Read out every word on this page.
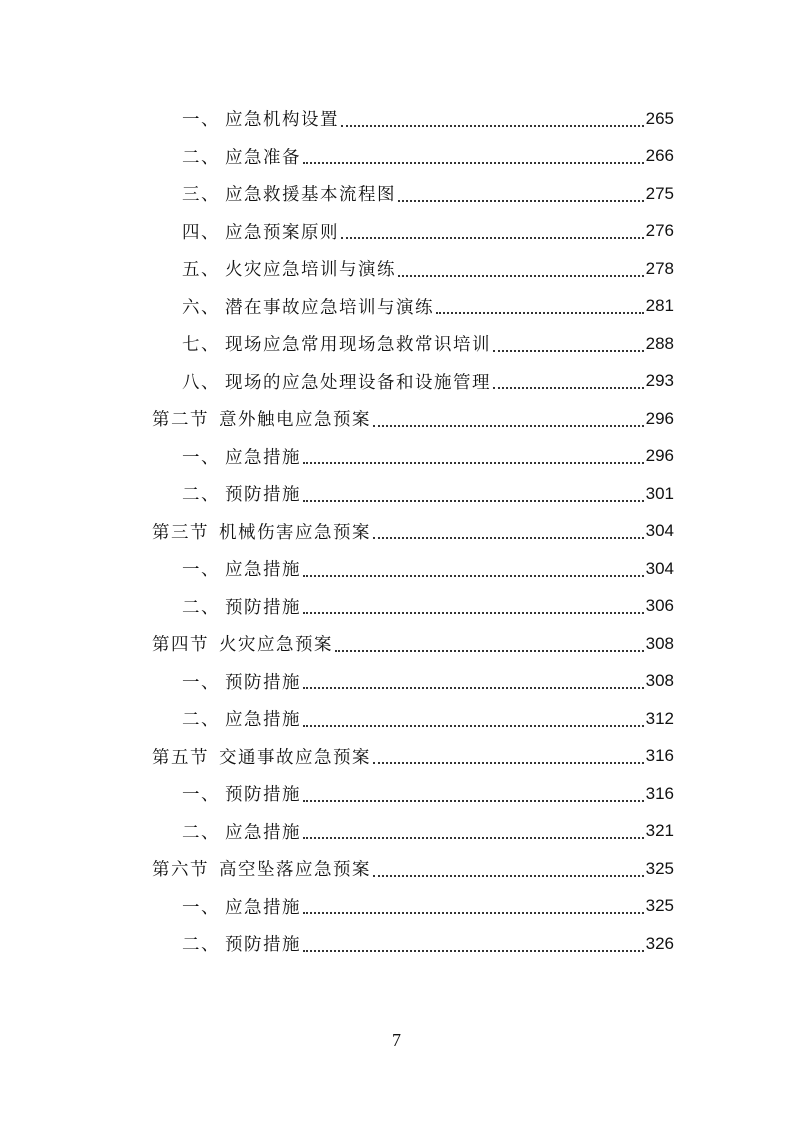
一、 应急机构设置	265
二、 应急准备	266
三、 应急救援基本流程图	275
四、 应急预案原则	276
五、 火灾应急培训与演练	278
六、 潜在事故应急培训与演练	281
七、 现场应急常用现场急救常识培训	288
八、 现场的应急处理设备和设施管理	293
第二节 意外触电应急预案	296
一、 应急措施	296
二、 预防措施	301
第三节 机械伤害应急预案	304
一、 应急措施	304
二、 预防措施	306
第四节 火灾应急预案	308
一、 预防措施	308
二、 应急措施	312
第五节 交通事故应急预案	316
一、 预防措施	316
二、 应急措施	321
第六节 高空坠落应急预案	325
一、 应急措施	325
二、 预防措施	326
7
